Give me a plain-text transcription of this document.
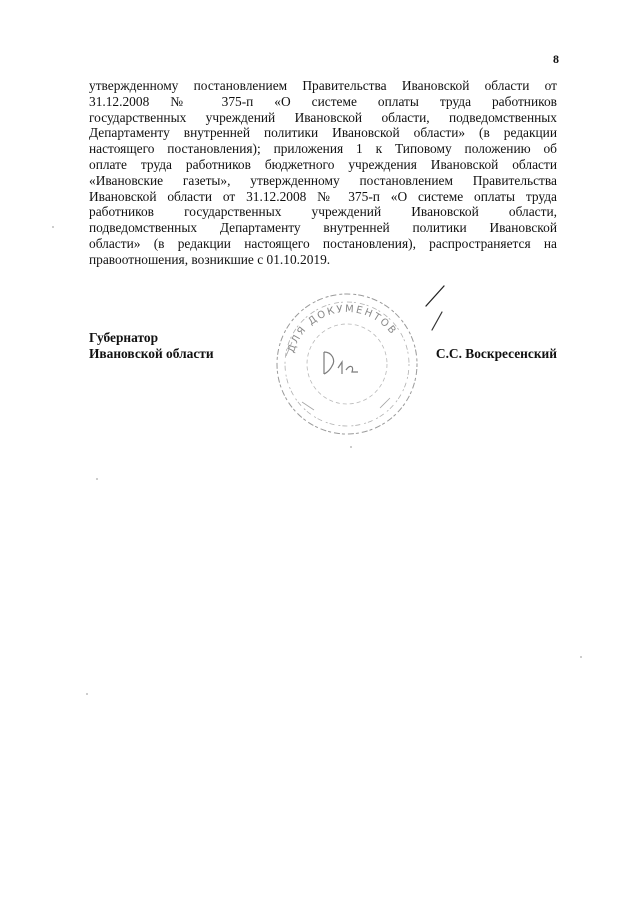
8
утвержденному постановлением Правительства Ивановской области от
31.12.2008 № 375-п «О системе оплаты труда работников
государственных учреждений Ивановской области, подведомственных
Департаменту внутренней политики Ивановской области» (в редакции
настоящего постановления); приложения 1 к Типовому положению об
оплате труда работников бюджетного учреждения Ивановской области
«Ивановские газеты», утвержденному постановлением Правительства
Ивановской области от 31.12.2008 № 375-п «О системе оплаты труда
работников государственных учреждений Ивановской области,
подведомственных Департаменту внутренней политики Ивановской
области» (в редакции настоящего постановления), распространяется на
правоотношения, возникшие с 01.10.2019.
ДЛЯ ДОКУМЕНТОВ
Губернатор
Ивановской области	С.С. Воскресенский
